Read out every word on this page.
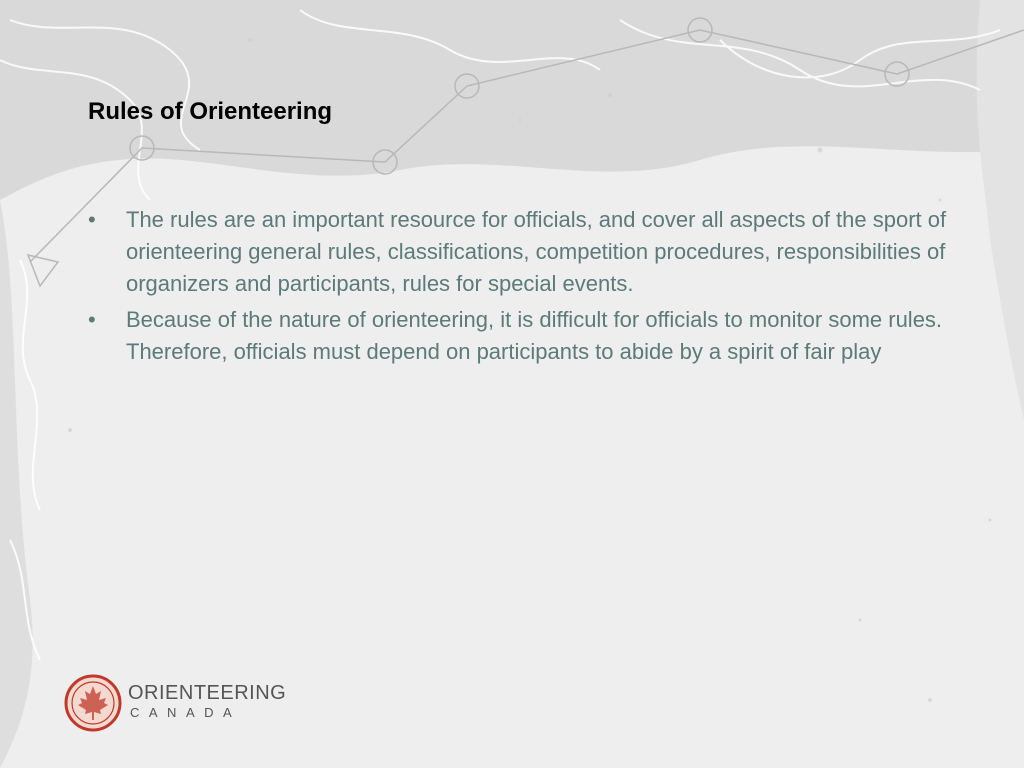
Rules of Orienteering
•	The rules are an important resource for officials, and cover all aspects of the sport of orienteering general rules, classifications, competition procedures, responsibilities of organizers and participants, rules for special events.
•	Because of the nature of orienteering, it is difficult for officials to monitor some rules. Therefore, officials must depend on participants to abide by a spirit of fair play
ORIENTEERING
CANADA
